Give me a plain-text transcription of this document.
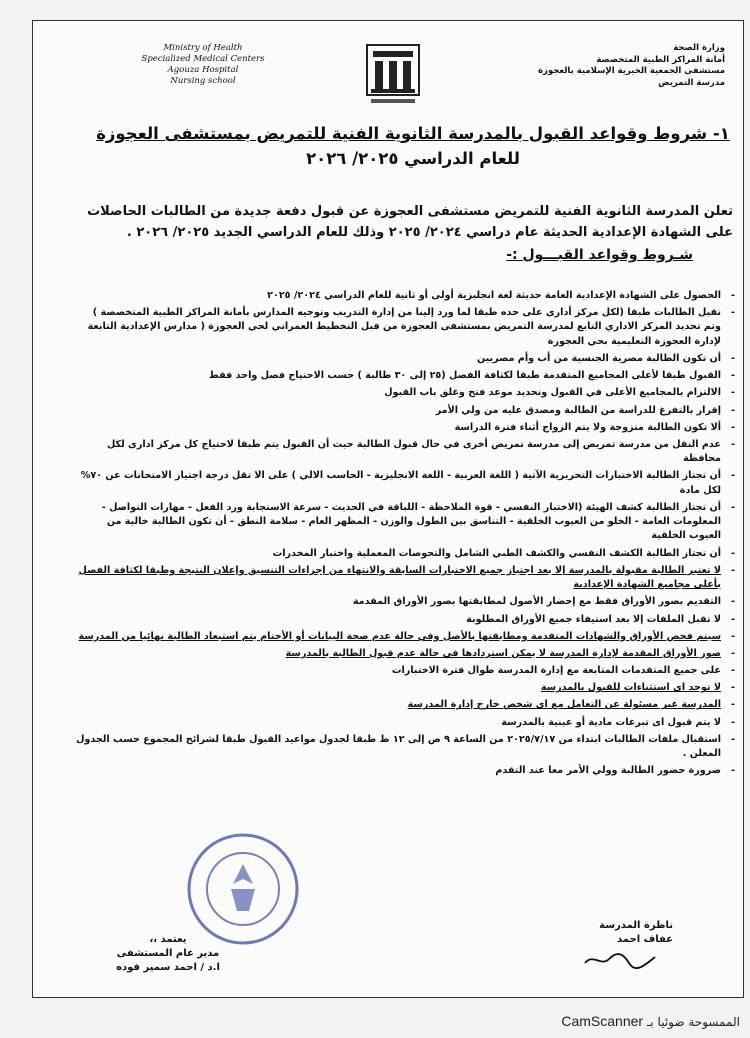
Ministry of Health
Specialized Medical Centers
Agouza Hospital
Nursing school
وزارة الصحة
أمانة المراكز الطبية المتخصصة
مستشفى الجمعية الخيرية الإسلامية بالعجوزة
مدرسة التمريض
١- شروط وقواعد القبول بالمدرسة الثانوية الفنية للتمريض بمستشفى العجوزة
للعام الدراسي ٢٠٢٥/ ٢٠٢٦
تعلن المدرسة الثانوية الفنية للتمريض مستشفى العجوزة عن قبول دفعة جديدة من الطالبات الحاصلات على الشهادة الإعدادية الحديثة عام دراسي ٢٠٢٤/ ٢٠٢٥ وذلك للعام الدراسي الجديد ٢٠٢٥/ ٢٠٢٦ .
شـروط وقواعد القبـــول :-
- الحصول على الشهادة الإعدادية العامة حديثة لغة انجليزية أولى أو ثانية للعام الدراسي ٢٠٢٤/ ٢٠٢٥
- تقبل الطالبات طبقا (لكل مركز أدارى على حده طبقا لما ورد إلينا من إدارة التدريب وتوجيه المدارس بأمانة المراكز الطبية المتخصصة ) وتم تحديد المركز الاداري التابع لمدرسة التمريض بمستشفى العجوزة من قبل التخطيط العمراني لحي العجوزة ( مدارس الإعدادية التابعة لإدارة العجوزة التعليمية بحي العجوزة
- أن تكون الطالبة مصرية الجنسية من أب وأم مصريين
- القبول طبقا لأعلى المجاميع المتقدمة طبقا لكثافة الفصل (٢٥ إلى ٣٠ طالبة ) حسب الاحتياج فصل واحد فقط
- الالتزام بالمجاميع الأعلى في القبول وتحديد موعد فتح وغلق باب القبول
- إقرار بالتفرغ للدراسة من الطالبة ومصدق عليه من ولي الأمر
- ألا تكون الطالبة متزوجة ولا يتم الزواج أثناء فترة الدراسة
- عدم النقل من مدرسة تمريض إلى مدرسة تمريض أخرى في حال قبول الطالبة حيث أن القبول يتم طبقا لاحتياج كل مركز ادارى لكل محافظة
- أن تجتاز الطالبة الاختبارات التحريرية الآتية ( اللغة العربية - اللغة الانجليزية - الحاسب الالي ) على الا تقل درجة اجتياز الامتحانات عن ٧٠% لكل مادة
- أن تجتاز الطالبة كشف الهيئة (الاختبار النفسي - قوة الملاحظة - اللباقة في الحديث - سرعة الاستجابة ورد الفعل - مهارات التواصل - المعلومات العامة - الخلو من العيوب الخلقية - التناسق بين الطول والوزن - المظهر العام - سلامة النطق - أن تكون الطالبة خالية من العيوب الخلقية
- أن تجتاز الطالبة الكشف النفسي والكشف الطبي الشامل والتحوصات المعملية واختبار المخدرات
- لا تعتبر الطالبة مقبولة بالمدرسة إلا بعد اجتياز جميع الاختبارات السابقة والانتهاء من إجراءات التنسيق وإعلان النتيجة وطبقا لكثافة الفصل بأعلى مجاميع الشهادة الإعدادية
- التقديم بصور الأوراق فقط مع إحضار الأصول لمطابقتها بصور الأوراق المقدمة
- لا تقبل الملفات إلا بعد استيفاء جميع الأوراق المطلوبة
- سيتم فحص الأوراق والشهادات المتقدمة ومطابقتها بالأصل وفي حالة عدم صحة البيانات أو الأختام يتم استبعاد الطالبة نهائيا من المدرسة
- صور الأوراق المقدمة لإدارة المدرسة لا يمكن استردادها في حالة عدم قبول الطالبة بالمدرسة
- على جميع المتقدمات المتابعة مع إدارة المدرسة طوال فترة الاختبارات
- لا توجد اى استثناءات للقبول بالمدرسة
- المدرسة غير مسئولة عن التعامل مع اى شخص خارج إدارة المدرسة
- لا يتم قبول اى تبرعات مادية أو عينية بالمدرسة
- استقبال ملفات الطالبات ابتداء من ٢٠٢٥/٧/١٧ من الساعة ٩ ص إلى ١٢ ظ طبقا لجدول مواعيد القبول طبقا لشرائح المجموع حسب الجدول المعلن .
- ضرورة حضور الطالبة وولي الأمر معا عند التقدم
ناظرة المدرسة
عفاف احمد
يعتمد ،،
مدير عام المستشفى
ا.د / احمد سمير فوده
الممسوحة ضوئيا بـ CamScanner
